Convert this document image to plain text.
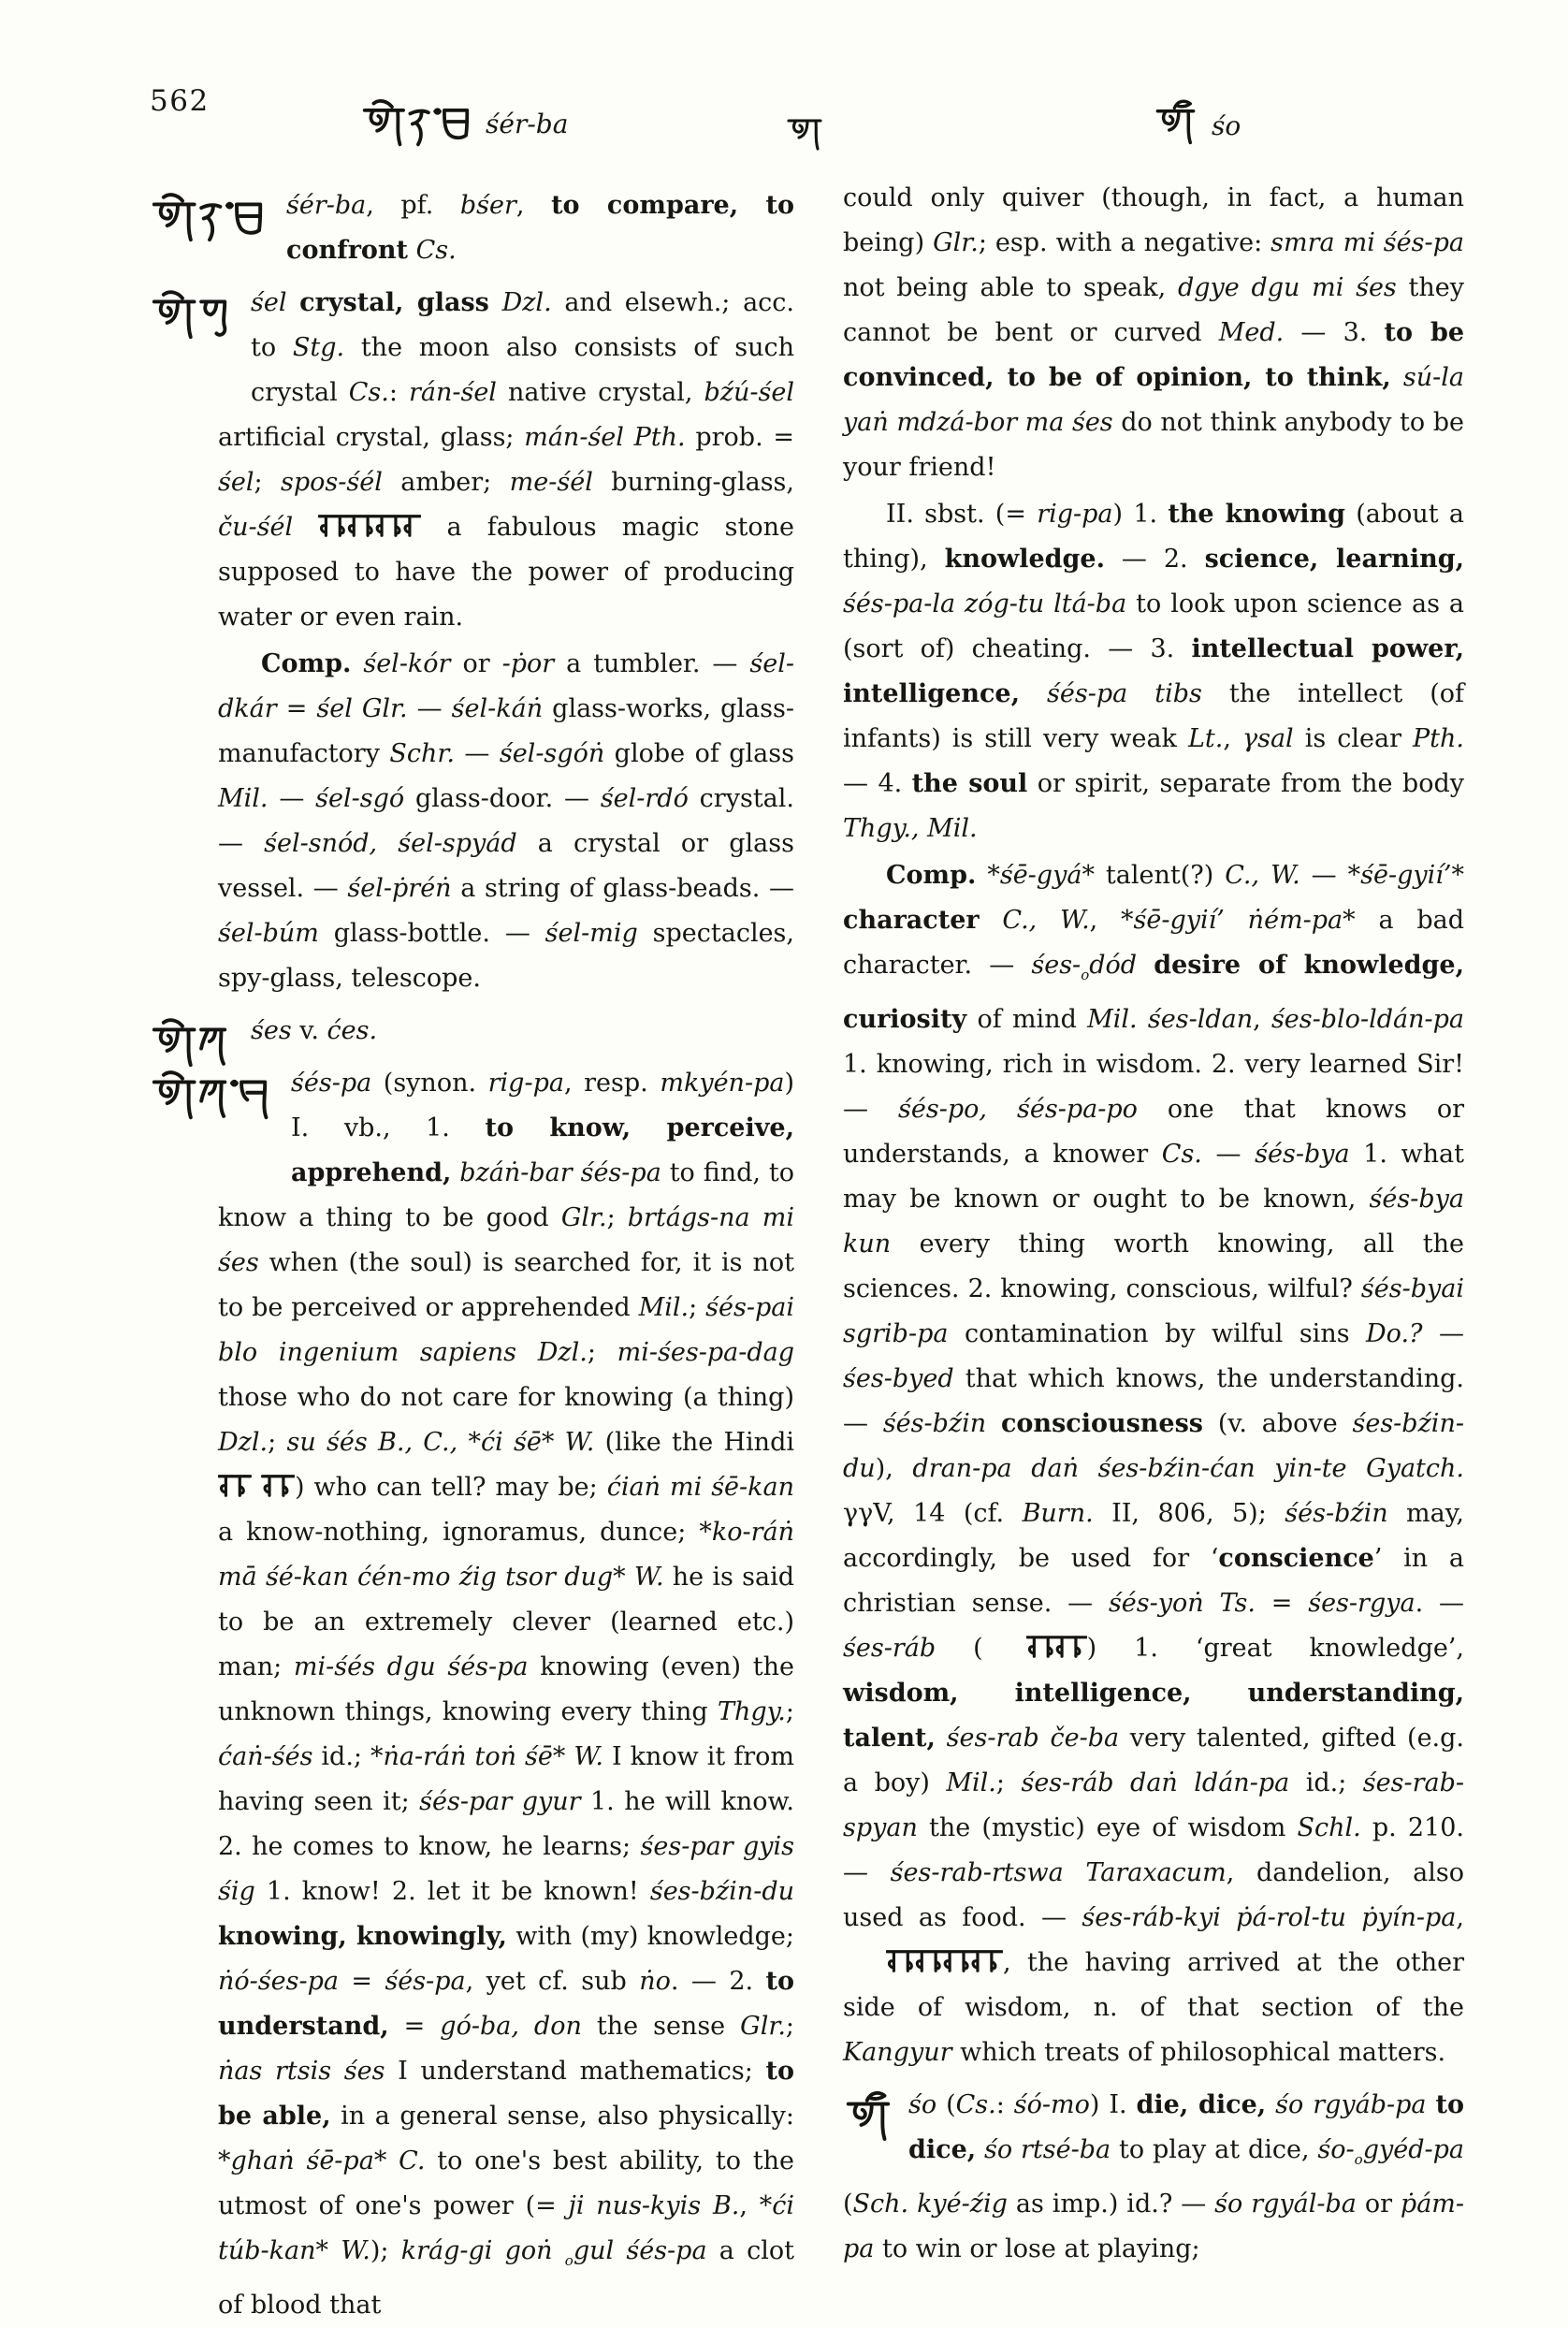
562
śér-ba	śo
śér-ba, pf. bśer, to compare, to confront Cs.
śel crystal, glass Dzl. and elsewh.; acc. to Stg. the moon also consists of such crystal Cs.: rán-śel native crystal, bźú-śel artificial crystal, glass; mán-śel Pth. prob. = śel; spos-śél amber; me-śél burning-glass, ču-śél	a fabulous magic stone supposed to have the power of producing water or even rain.
Comp. śel-kór or -ṗor a tumbler. — śel-dkár = śel Glr. — śel-káṅ glass-works, glass-manufactory Schr. — śel-sgóṅ globe of glass Mil. — śel-sgó glass-door. — śel-rdó crystal. — śel-snód, śel-spyád a crystal or glass vessel. — śel-ṗréṅ a string of glass-beads. — śel-búm glass-bottle. — śel-mig spectacles, spy-glass, telescope.
śes v. ćes.
śés-pa (synon. rig-pa, resp. mkyén-pa) I. vb., 1. to know, perceive, apprehend, bzáṅ-bar śés-pa to find, to know a thing to be good Glr.; brtágs-na mi śes when (the soul) is searched for, it is not to be perceived or apprehended Mil.; śés-pai blo ingenium sapiens Dzl.; mi-śes-pa-dag those who do not care for knowing (a thing) Dzl.; su śés B., C., *ći śē* W. (like the Hindi ) who can tell? may be; ćiaṅ mi śē-kan a know-nothing, ignoramus, dunce; *ko-ráṅ mā śé-kan ćén-mo źig tsor dug* W. he is said to be an extremely clever (learned etc.) man; mi-śés dgu śés-pa knowing (even) the unknown things, knowing every thing Thgy.; ćaṅ-śés id.; *ṅa-ráṅ toṅ śē* W. I know it from having seen it; śés-par gyur 1. he will know. 2. he comes to know, he learns; śes-par gyis śig 1. know! 2. let it be known! śes-bźin-du knowing, knowingly, with (my) knowledge; ṅó-śes-pa = śés-pa, yet cf. sub ṅo. — 2. to understand, = gó-ba, don the sense Glr.; ṅas rtsis śes I understand mathematics; to be able, in a general sense, also physically: *ghaṅ śē-pa* C. to one's best ability, to the utmost of one's power (= ji nus-kyis B., *ći túb-kan* W.); krág-gi goṅ $_o$gul śés-pa a clot of blood that
could only quiver (though, in fact, a human being) Glr.; esp. with a negative: smra mi śés-pa not being able to speak, dgye dgu mi śes they cannot be bent or curved Med. — 3. to be convinced, to be of opinion, to think, sú-la yaṅ mdzá-bor ma śes do not think anybody to be your friend!
II. sbst. (= rig-pa) 1. the knowing (about a thing), knowledge. — 2. science, learning, śés-pa-la zóg-tu ltá-ba to look upon science as a (sort of) cheating. — 3. intellectual power, intelligence, śés-pa tibs the intellect (of infants) is still very weak Lt., γsal is clear Pth. — 4. the soul or spirit, separate from the body Thgy., Mil.
Comp. *śē-gyá* talent(?) C., W. — *śē-gyií’* character C., W., *śē-gyií’ ṅém-pa* a bad character. — śes-$_odód$ desire of knowledge, curiosity of mind Mil. śes-ldan, śes-blo-ldán-pa 1. knowing, rich in wisdom. 2. very learned Sir! — śés-po, śés-pa-po one that knows or understands, a knower Cs. — śés-bya 1. what may be known or ought to be known, śés-bya kun every thing worth knowing, all the sciences. 2. knowing, conscious, wilful? śés-byai sgrib-pa contamination by wilful sins Do.? — śes-byed that which knows, the understanding. — śés-bźin consciousness (v. above śes-bźin-du), dran-pa daṅ śes-bźin-ćan yin-te Gyatch. γγV, 14 (cf. Burn. II, 806, 5); śés-bźin may, accordingly, be used for ‘conscience’ in a christian sense. — śés-yoṅ Ts. = śes-rgya. — śes-ráb (	) 1. ‘great knowledge’, wisdom, intelligence, understanding, talent, śes-rab če-ba very talented, gifted (e.g. a boy) Mil.; śes-ráb daṅ ldán-pa id.; śes-rab-spyan the (mystic) eye of wisdom Schl. p. 210. — śes-rab-rtswa Taraxacum, dandelion, also used as food. — śes-ráb-kyi ṗá-rol-tu ṗyín-pa, , the having arrived at the other side of wisdom, n. of that section of the Kangyur which treats of philosophical matters.
śo (Cs.: śó-mo) I. die, dice, śo rgyáb-pa to dice, śo rtsé-ba to play at dice, $śo-_ogyéd-pa$ (Sch. kyé-źig as imp.) id.? — śo rgyál-ba or ṗám-pa to win or lose at playing;
